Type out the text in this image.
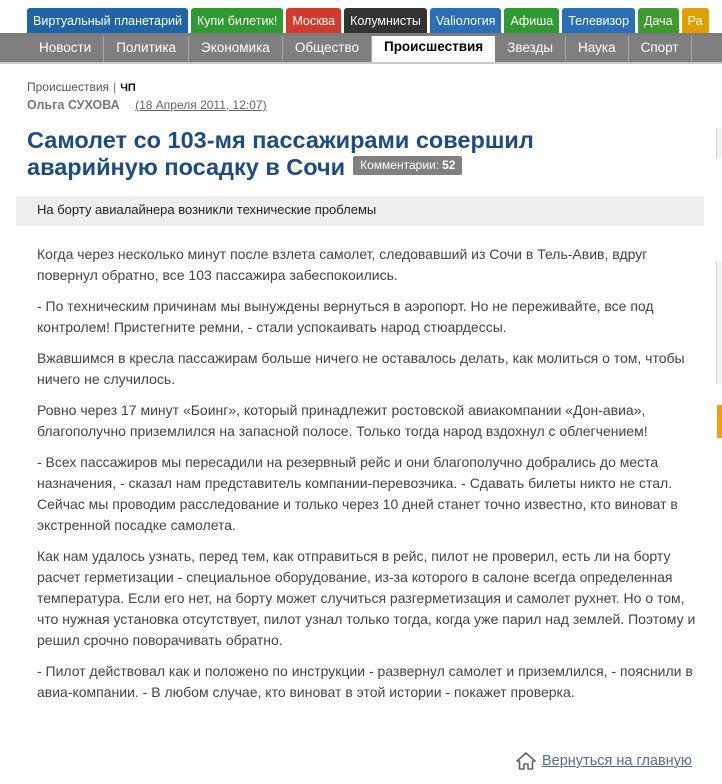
Виртуальный планетарий	Купи билетик!	Москва	Колумнисты	Valioлогия	Афиша	Телевизор	Дача	Ра
Новости	Политика	Экономика	Общество	Происшествия	Звезды	Наука	Спорт
Происшествия | ЧП
Ольга СУХОВА (18 Апреля 2011, 12:07)
Самолет со 103-мя пассажирами совершил аварийную посадку в Сочи Комментарии: 52
На борту авиалайнера возникли технические проблемы

Когда через несколько минут после взлета самолет, следовавший из Сочи в Тель-Авив, вдруг повернул обратно, все 103 пассажира забеспокоились.

- По техническим причинам мы вынуждены вернуться в аэропорт. Но не переживайте, все под контролем! Пристегните ремни, - стали успокаивать народ стюардессы.

Вжавшимся в кресла пассажирам больше ничего не оставалось делать, как молиться о том, чтобы ничего не случилось.

Ровно через 17 минут «Боинг», который принадлежит ростовской авиакомпании «Дон-авиа», благополучно приземлился на запасной полосе. Только тогда народ вздохнул с облегчением!

- Всех пассажиров мы пересадили на резервный рейс и они благополучно добрались до места назначения, - сказал нам представитель компании-перевозчика. - Сдавать билеты никто не стал. Сейчас мы проводим расследование и только через 10 дней станет точно известно, кто виноват в экстренной посадке самолета.

Как нам удалось узнать, перед тем, как отправиться в рейс, пилот не проверил, есть ли на борту расчет герметизации - специальное оборудование, из-за которого в салоне всегда определенная температура. Если его нет, на борту может случиться разгерметизация и самолет рухнет. Но о том, что нужная установка отсутствует, пилот узнал только тогда, когда уже парил над землей. Поэтому и решил срочно поворачивать обратно.

- Пилот действовал как и положено по инструкции - развернул самолет и приземлился, - пояснили в авиа-компании. - В любом случае, кто виноват в этой истории - покажет проверка.

Вернуться на главную
